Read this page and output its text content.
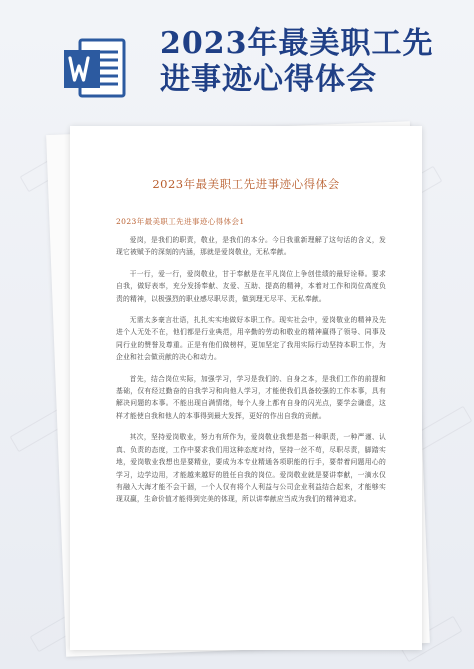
2023年最美职工先进事迹心得体会
2023年最美职工先进事迹心得体会
2023年最美职工先进事迹心得体会1

爱岗，是我们的职责，敬业，是我们的本分。今日我重新理解了这句话的含义，发现它被赋予的深刻的内涵，那就是爱岗敬业，无私奉献。

干一行，爱一行，爱岗敬业，甘于奉献是在平凡岗位上争创佳绩的最好诠释。要求自我，做好表率，充分发扬奉献、友爱、互助、提高的精神，本着对工作和岗位高度负责的精神，以极强烈的职业感尽职尽责，做到理无尽平、无私奉献。

无需太多豪言壮语，扎扎实实地做好本职工作。现实社会中，爱岗敬业的精神及先进个人无处不在，他们都是行业典范，用辛勤的劳动和敬业的精神赢得了领导、同事及同行业的赞誉及尊重。正是有他们做榜样，更加坚定了我用实际行动坚持本职工作，为企业和社会做贡献的决心和动力。

首先，结合岗位实际，加强学习，学习是我们的、自身之本，是我们工作的前提和基础，仅有经过勤奋的自我学习和向他人学习，才能使我们具备较强的工作本事，具有解决问题的本事。不能出现自满情绪，每个人身上都有自身的闪光点，要学会谦虚，这样才能使自我和他人的本事得到最大发挥，更好的作出自我的贡献。

其次，坚持爱岗敬业，努力有所作为，爱岗敬业我想是指一种职责，一种严谨、认真、负责的态度，工作中要求我们用这种态度对待，坚持一丝不苟，尽职尽责，脚踏实地，爱岗敬业我想也是要精业，要成为本专业精通各项职能的行手，要带着问题用心的学习，边学边用，才能越来越好的胜任自我的岗位。爱岗敬业就是要讲奉献，一滴水仅有融入大海才能不会干涸，一个人仅有将个人利益与公司企业利益结合起来，才能够实现双赢，生命价值才能得到完美的体现，所以讲奉献应当成为我们的精神追求。
